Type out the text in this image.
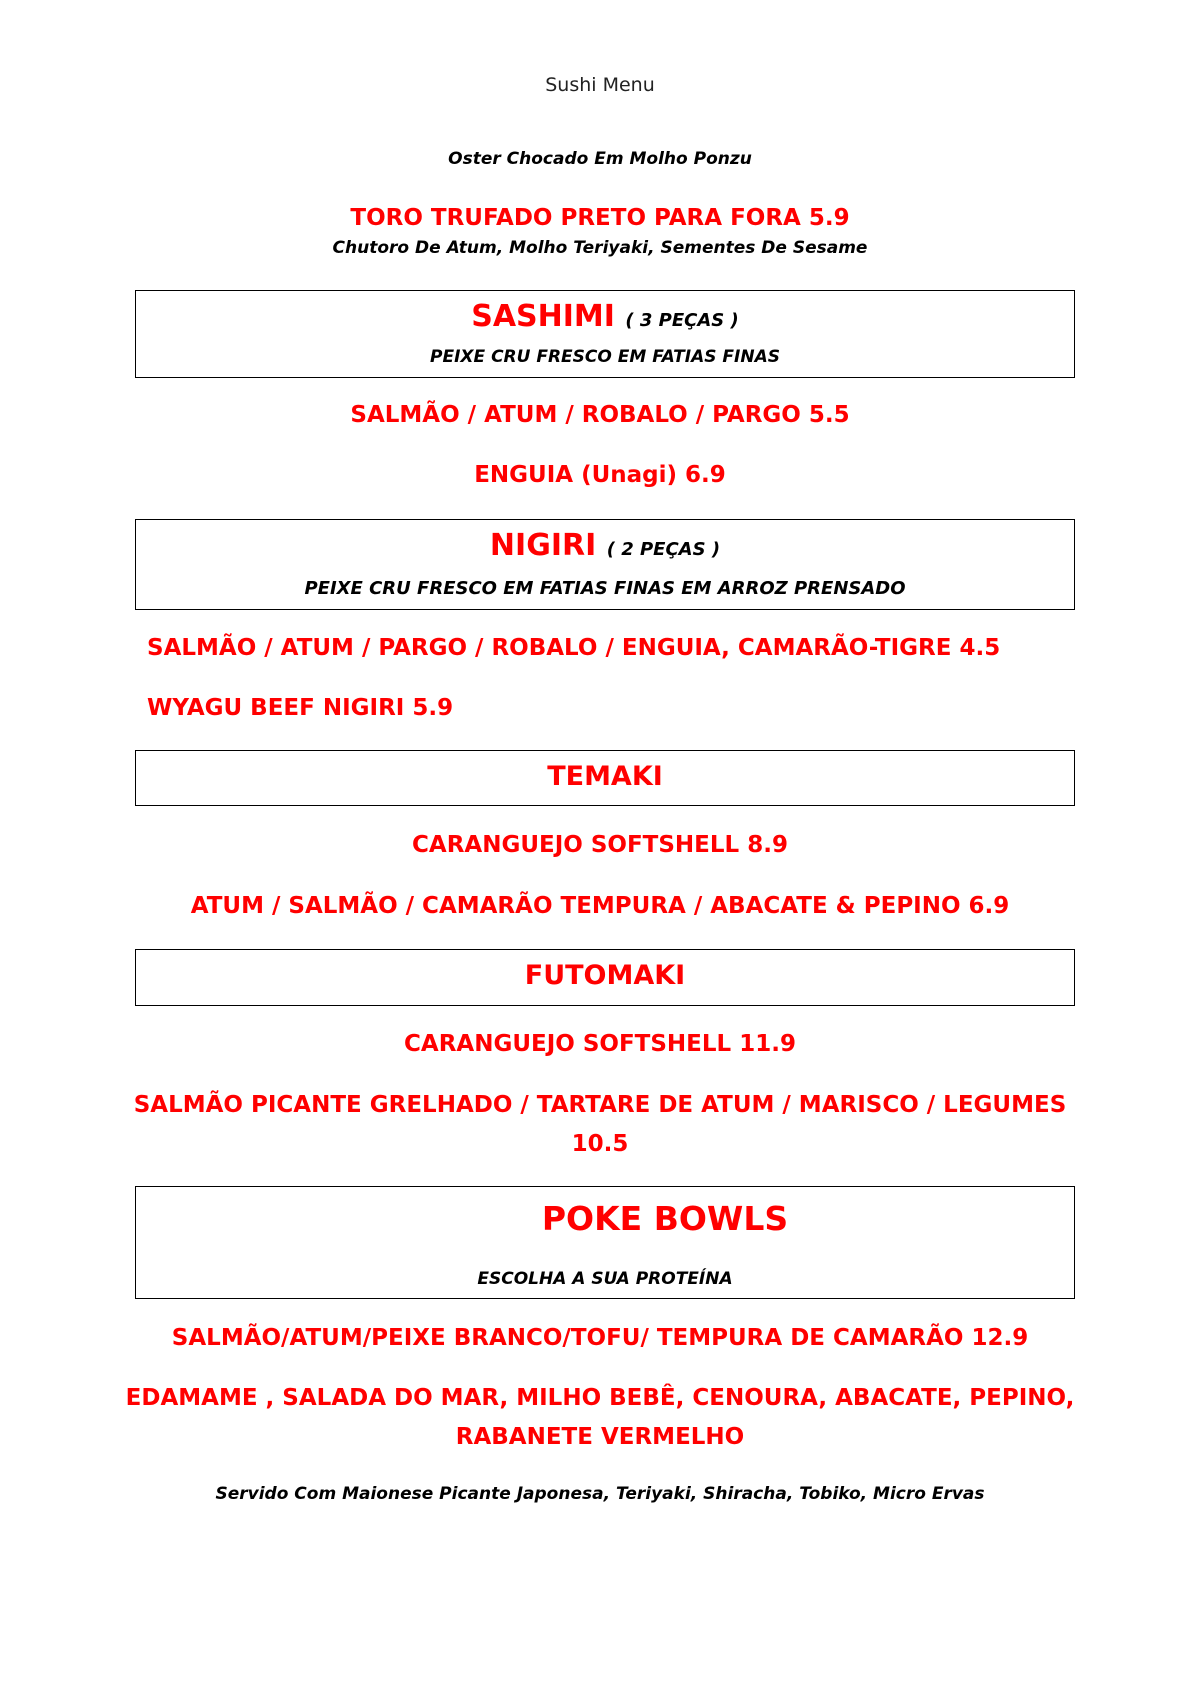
Sushi Menu
Oster Chocado Em Molho Ponzu
TORO TRUFADO PRETO PARA FORA 5.9
Chutoro De Atum, Molho Teriyaki, Sementes De Sesame
SASHIMI ( 3 PEÇAS )
PEIXE CRU FRESCO EM FATIAS FINAS
SALMÃO / ATUM / ROBALO / PARGO 5.5
ENGUIA (Unagi) 6.9
NIGIRI ( 2 PEÇAS )
PEIXE CRU FRESCO EM FATIAS FINAS EM ARROZ PRENSADO
SALMÃO / ATUM / PARGO / ROBALO / ENGUIA, CAMARÃO-TIGRE 4.5
WYAGU BEEF NIGIRI 5.9
TEMAKI
CARANGUEJO SOFTSHELL 8.9
ATUM / SALMÃO / CAMARÃO TEMPURA / ABACATE & PEPINO 6.9
FUTOMAKI
CARANGUEJO SOFTSHELL 11.9
SALMÃO PICANTE GRELHADO / TARTARE DE ATUM / MARISCO / LEGUMES
10.5
POKE BOWLS
ESCOLHA A SUA PROTEÍNA
SALMÃO/ATUM/PEIXE BRANCO/TOFU/ TEMPURA DE CAMARÃO 12.9
EDAMAME , SALADA DO MAR, MILHO BEBÊ, CENOURA, ABACATE, PEPINO,
RABANETE VERMELHO
Servido Com Maionese Picante Japonesa, Teriyaki, Shiracha, Tobiko, Micro Ervas
